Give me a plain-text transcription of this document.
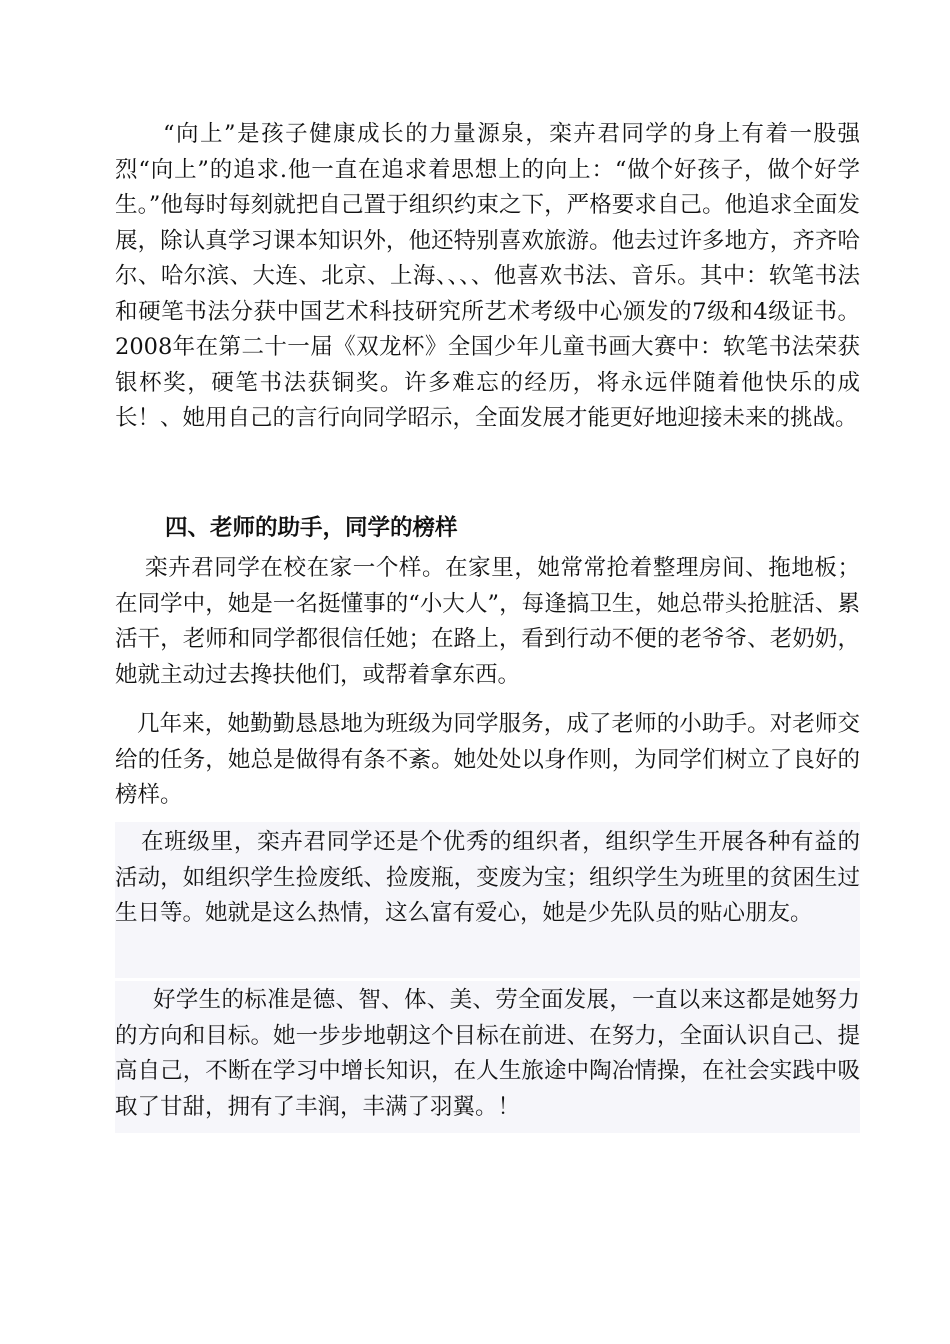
“向上”是孩子健康成长的力量源泉，栾卉君同学的身上有着一股强烈“向上”的追求.他一直在追求着思想上的向上：“做个好孩子，做个好学生。”他每时每刻就把自己置于组织约束之下，严格要求自己。他追求全面发展，除认真学习课本知识外，他还特别喜欢旅游。他去过许多地方，齐齐哈尔、哈尔滨、大连、北京、上海、、、、他喜欢书法、音乐。其中：软笔书法和硬笔书法分获中国艺术科技研究所艺术考级中心颁发的7级和4级证书。2008年在第二十一届《双龙杯》全国少年儿童书画大赛中：软笔书法荣获银杯奖，硬笔书法获铜奖。许多难忘的经历，将永远伴随着他快乐的成长！、她用自己的言行向同学昭示，全面发展才能更好地迎接未来的挑战。

四、老师的助手，同学的榜样

栾卉君同学在校在家一个样。在家里，她常常抢着整理房间、拖地板；在同学中，她是一名挺懂事的“小大人”，每逢搞卫生，她总带头抢脏活、累活干，老师和同学都很信任她；在路上，看到行动不便的老爷爷、老奶奶，她就主动过去搀扶他们，或帮着拿东西。

几年来，她勤勤恳恳地为班级为同学服务，成了老师的小助手。对老师交给的任务，她总是做得有条不紊。她处处以身作则，为同学们树立了良好的榜样。

在班级里，栾卉君同学还是个优秀的组织者，组织学生开展各种有益的活动，如组织学生捡废纸、捡废瓶，变废为宝；组织学生为班里的贫困生过生日等。她就是这么热情，这么富有爱心，她是少先队员的贴心朋友。

好学生的标准是德、智、体、美、劳全面发展，一直以来这都是她努力的方向和目标。她一步步地朝这个目标在前进、在努力，全面认识自己、提高自己，不断在学习中增长知识，在人生旅途中陶冶情操，在社会实践中吸取了甘甜，拥有了丰润，丰满了羽翼。！
